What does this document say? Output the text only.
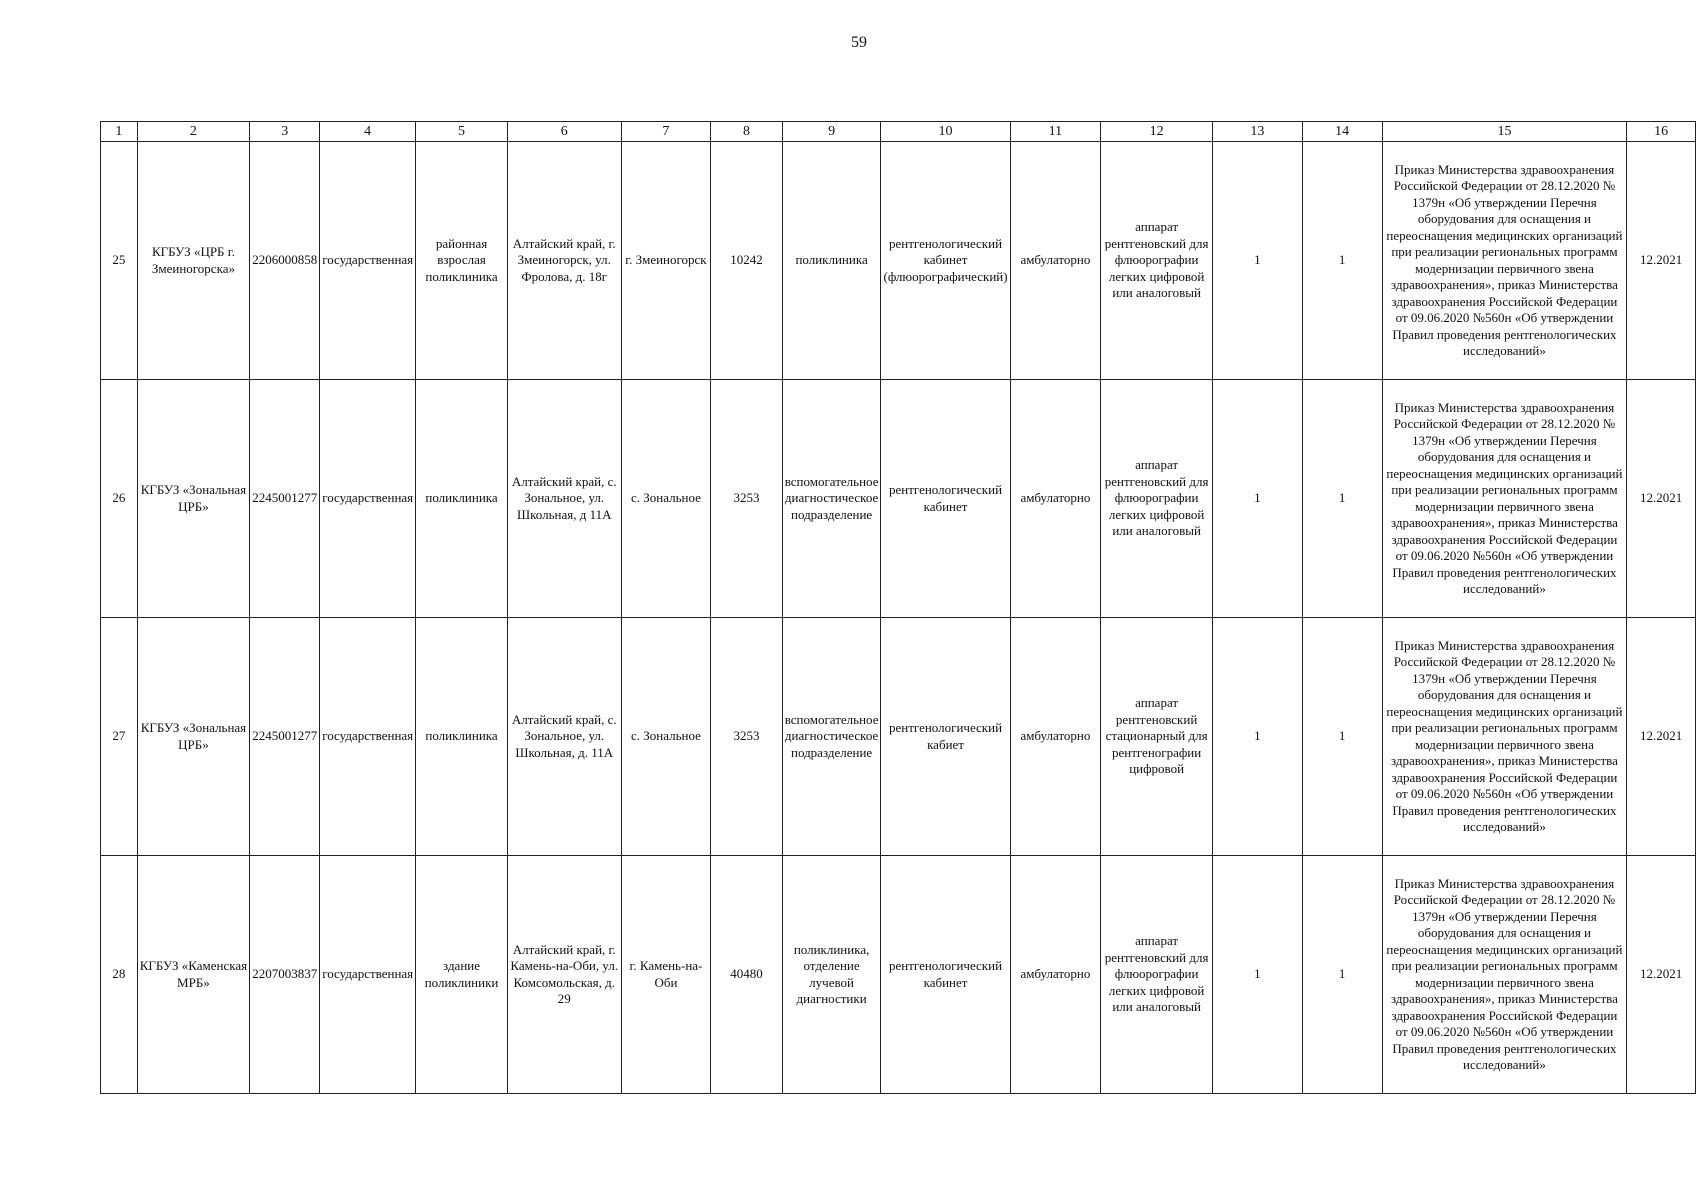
59
1	2	3	4	5	6	7	8	9	10	11	12	13	14	15	16
25	КГБУЗ «ЦРБ г. Змеиногорска»	2206000858	государственная	районная взрослая поликлиника	Алтайский край, г. Змеиногорск, ул. Фролова, д. 18г	г. Змеиногорск	10242	поликлиника	рентгенологический кабинет (флюорографический)	амбулаторно	аппарат рентгеновский для флюорографии легких цифровой или аналоговый	1	1	Приказ Министерства здравоохранения Российской Федерации от 28.12.2020 № 1379н «Об утверждении Перечня оборудования для оснащения и переоснащения медицинских организаций при реализации региональных программ модернизации первичного звена здравоохранения», приказ Министерства здравоохранения Российской Федерации от 09.06.2020 №560н «Об утверждении Правил проведения рентгенологических исследований»	12.2021
26	КГБУЗ «Зональная ЦРБ»	2245001277	государственная	поликлиника	Алтайский край, с. Зональное, ул. Школьная, д 11А	с. Зональное	3253	вспомогательное диагностическое подразделение	рентгенологический кабинет	амбулаторно	аппарат рентгеновский для флюорографии легких цифровой или аналоговый	1	1	Приказ Министерства здравоохранения Российской Федерации от 28.12.2020 № 1379н «Об утверждении Перечня оборудования для оснащения и переоснащения медицинских организаций при реализации региональных программ модернизации первичного звена здравоохранения», приказ Министерства здравоохранения Российской Федерации от 09.06.2020 №560н «Об утверждении Правил проведения рентгенологических исследований»	12.2021
27	КГБУЗ «Зональная ЦРБ»	2245001277	государственная	поликлиника	Алтайский край, с. Зональное, ул. Школьная, д. 11А	с. Зональное	3253	вспомогательное диагностическое подразделение	рентгенологический кабиет	амбулаторно	аппарат рентгеновский стационарный для рентгенографии цифровой	1	1	Приказ Министерства здравоохранения Российской Федерации от 28.12.2020 № 1379н «Об утверждении Перечня оборудования для оснащения и переоснащения медицинских организаций при реализации региональных программ модернизации первичного звена здравоохранения», приказ Министерства здравоохранения Российской Федерации от 09.06.2020 №560н «Об утверждении Правил проведения рентгенологических исследований»	12.2021
28	КГБУЗ «Каменская МРБ»	2207003837	государственная	здание поликлиники	Алтайский край, г. Камень-на-Оби, ул. Комсомольская, д. 29	г. Камень-на-Оби	40480	поликлиника, отделение лучевой диагностики	рентгенологический кабинет	амбулаторно	аппарат рентгеновский для флюорографии легких цифровой или аналоговый	1	1	Приказ Министерства здравоохранения Российской Федерации от 28.12.2020 № 1379н «Об утверждении Перечня оборудования для оснащения и переоснащения медицинских организаций при реализации региональных программ модернизации первичного звена здравоохранения», приказ Министерства здравоохранения Российской Федерации от 09.06.2020 №560н «Об утверждении Правил проведения рентгенологических исследований»	12.2021
